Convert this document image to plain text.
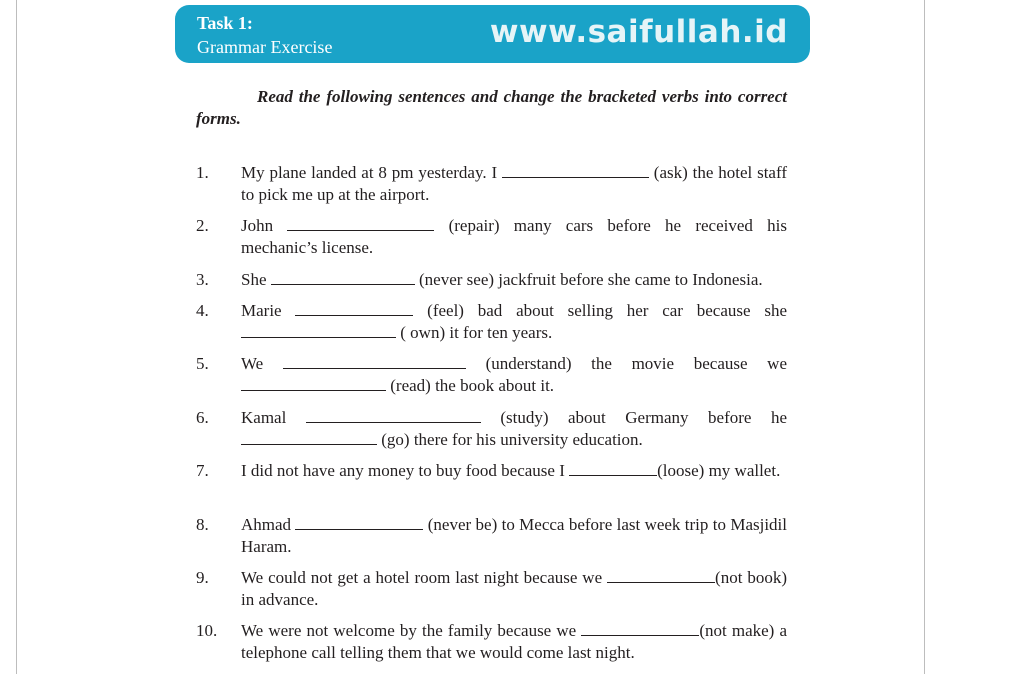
Task 1:
Grammar Exercise	www.saifullah.id
Read the following sentences and change the bracketed verbs into correct forms.
1. My plane landed at 8 pm yesterday. I	(ask) the hotel staff to pick me up at the airport.
2. John	(repair) many cars before he received his mechanic’s license.
3. She	(never see) jackfruit before she came to Indonesia.
4. Marie	(feel) bad about selling her car because she  ( own) it for ten years.
5. We	(understand) the movie because we  (read) the book about it.
6. Kamal	(study) about Germany before he  (go) there for his university education.
7. I did not have any money to buy food because I	(loose) my wallet.
8. Ahmad	(never be) to Mecca before last week trip to Masjidil Haram.
9. We could not get a hotel room last night because we	(not book) in advance.
10. We were not welcome by the family because we	(not make) a telephone call telling them that we would come last night.
